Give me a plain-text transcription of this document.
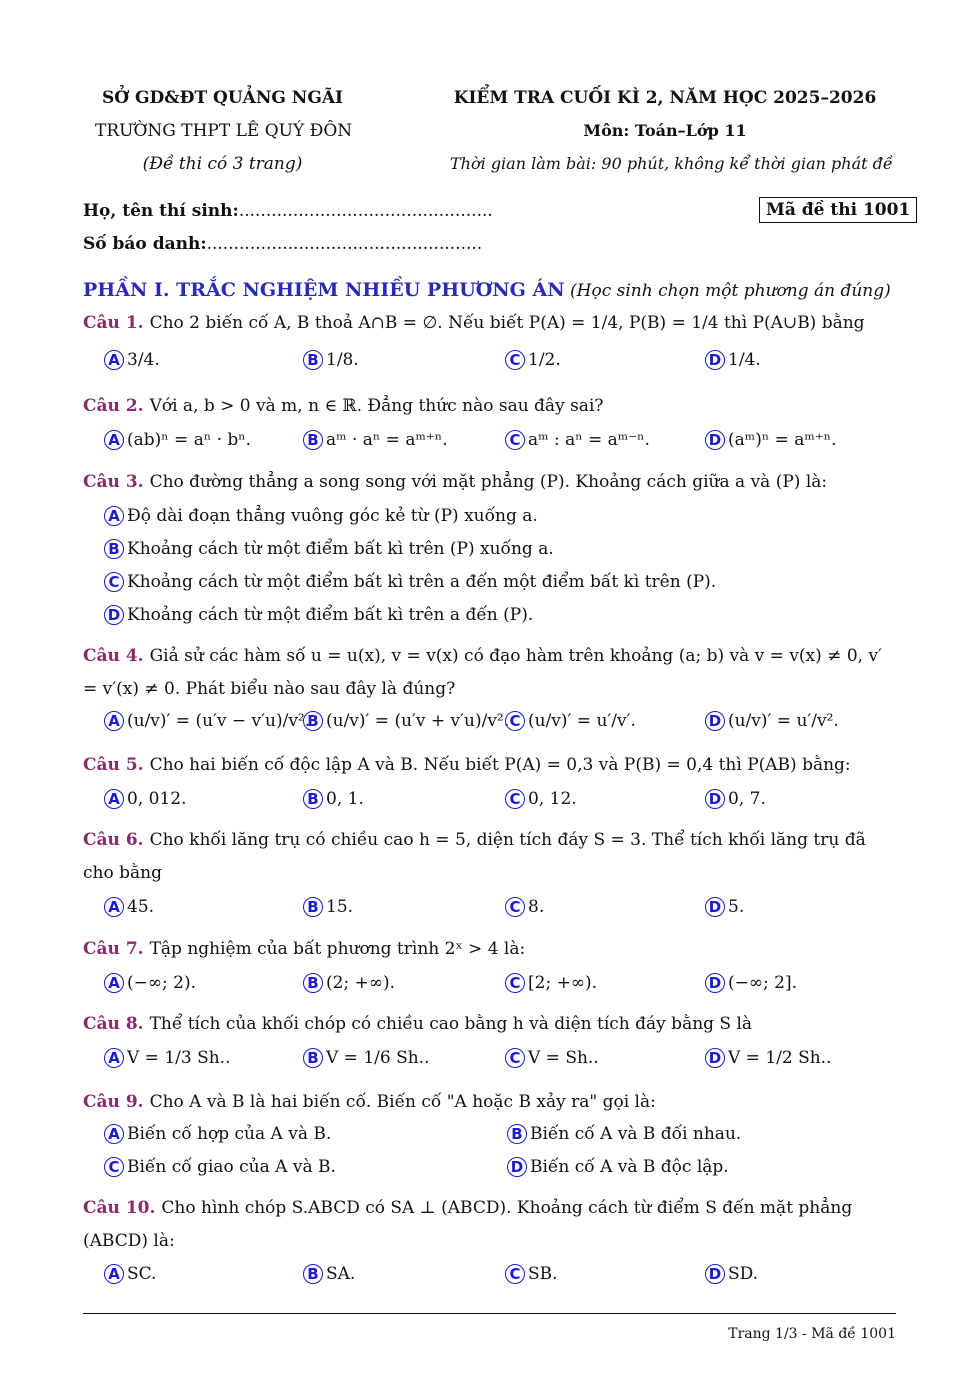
SỞ GD&ĐT QUẢNG NGÃI
TRƯỜNG THPT LÊ QUÝ ĐÔN
(Đề thi có 3 trang)
KIỂM TRA CUỐI KÌ 2, NĂM HỌC 2025–2026
Môn: Toán–Lớp 11
Thời gian làm bài: 90 phút, không kể thời gian phát đề
Họ, tên thí sinh:...............................................	Mã đề thi 1001
Số báo danh:...................................................
PHẦN I. TRẮC NGHIỆM NHIỀU PHƯƠNG ÁN (Học sinh chọn một phương án đúng)
Câu 1. Cho 2 biến cố A, B thoả A∩B = ∅. Nếu biết P(A) = 1/4, P(B) = 1/4 thì P(A∪B) bằng
A 3/4.	B 1/8.	C 1/2.	D 1/4.
Câu 2. Với a, b > 0 và m, n ∈ ℝ. Đẳng thức nào sau đây sai?
A (ab)ⁿ = aⁿ · bⁿ.	B aᵐ · aⁿ = aᵐ⁺ⁿ.	C aᵐ : aⁿ = aᵐ⁻ⁿ.	D (aᵐ)ⁿ = aᵐ⁺ⁿ.
Câu 3. Cho đường thẳng a song song với mặt phẳng (P). Khoảng cách giữa a và (P) là:
A Độ dài đoạn thẳng vuông góc kẻ từ (P) xuống a.
B Khoảng cách từ một điểm bất kì trên (P) xuống a.
C Khoảng cách từ một điểm bất kì trên a đến một điểm bất kì trên (P).
D Khoảng cách từ một điểm bất kì trên a đến (P).
Câu 4. Giả sử các hàm số u = u(x), v = v(x) có đạo hàm trên khoảng (a; b) và v = v(x) ≠ 0, v′ = v′(x) ≠ 0. Phát biểu nào sau đây là đúng?
A (u/v)′ = (u′v − v′u)/v².
B (u/v)′ = (u′v + v′u)/v². C (u/v)′ = u′/v′.	D (u/v)′ = u′/v².
Câu 5. Cho hai biến cố độc lập A và B. Nếu biết P(A) = 0,3 và P(B) = 0,4 thì P(AB) bằng:
A 0, 012.	B 0, 1.	C 0, 12.	D 0, 7.
Câu 6. Cho khối lăng trụ có chiều cao h = 5, diện tích đáy S = 3. Thể tích khối lăng trụ đã cho bằng
A 45.	B 15.	C 8.	D 5.
Câu 7. Tập nghiệm của bất phương trình 2ˣ > 4 là:
A (−∞; 2).	B (2; +∞).	C [2; +∞).	D (−∞; 2].
Câu 8. Thể tích của khối chóp có chiều cao bằng h và diện tích đáy bằng S là
A V = 1/3 Sh..	B V = 1/6 Sh..	C V = Sh..	D V = 1/2 Sh..
Câu 9. Cho A và B là hai biến cố. Biến cố "A hoặc B xảy ra" gọi là:
A Biến cố hợp của A và B.	B Biến cố A và B đối nhau.
C Biến cố giao của A và B.	D Biến cố A và B độc lập.
Câu 10. Cho hình chóp S.ABCD có SA ⊥ (ABCD). Khoảng cách từ điểm S đến mặt phẳng (ABCD) là:
A SC.	B SA.	C SB.	D SD.
Trang 1/3 - Mã đề 1001
